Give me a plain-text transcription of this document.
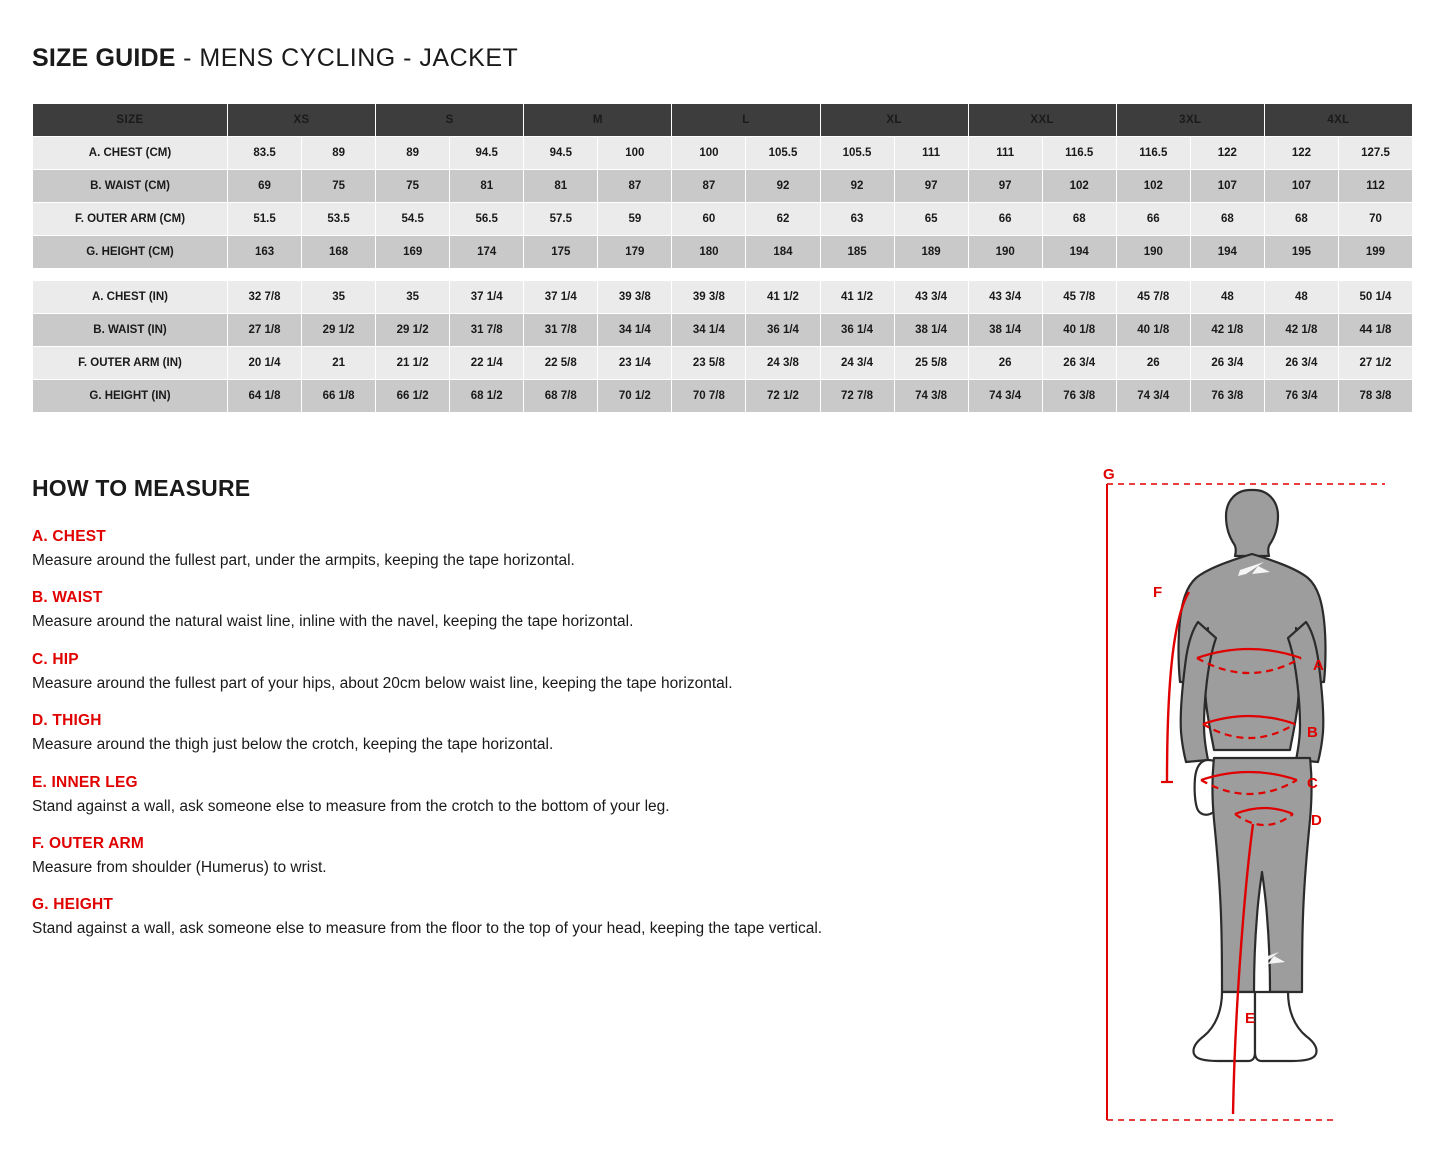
SIZE GUIDE - MENS CYCLING - JACKET
SIZE	XS		S		M		L		XL		XXL		3XL		4XL	
A. CHEST (CM)	83.5	89	89	94.5	94.5	100	100	105.5	105.5	111	111	116.5	116.5	122	122	127.5
B. WAIST (CM)	69	75	75	81	81	87	87	92	92	97	97	102	102	107	107	112
F. OUTER ARM (CM)	51.5	53.5	54.5	56.5	57.5	59	60	62	63	65	66	68	66	68	68	70
G. HEIGHT (CM)	163	168	169	174	175	179	180	184	185	189	190	194	190	194	195	199

A. CHEST (IN)	32 7/8	35	35	37 1/4	37 1/4	39 3/8	39 3/8	41 1/2	41 1/2	43 3/4	43 3/4	45 7/8	45 7/8	48	48	50 1/4
B. WAIST (IN)	27 1/8	29 1/2	29 1/2	31 7/8	31 7/8	34 1/4	34 1/4	36 1/4	36 1/4	38 1/4	38 1/4	40 1/8	40 1/8	42 1/8	42 1/8	44 1/8
F. OUTER ARM (IN)	20 1/4	21	21 1/2	22 1/4	22 5/8	23 1/4	23 5/8	24 3/8	24 3/4	25 5/8	26	26 3/4	26	26 3/4	26 3/4	27 1/2
G. HEIGHT (IN)	64 1/8	66 1/8	66 1/2	68 1/2	68 7/8	70 1/2	70 7/8	72 1/2	72 7/8	74 3/8	74 3/4	76 3/8	74 3/4	76 3/8	76 3/4	78 3/8
HOW TO MEASURE
A. CHEST
Measure around the fullest part, under the armpits, keeping the tape horizontal.
B. WAIST
Measure around the natural waist line, inline with the navel, keeping the tape horizontal.
C. HIP
Measure around the fullest part of your hips, about 20cm below waist line, keeping the tape horizontal.
D. THIGH
Measure around the thigh just below the crotch, keeping the tape horizontal.
E. INNER LEG
Stand against a wall, ask someone else to measure from the crotch to the bottom of your leg.
F. OUTER ARM
Measure from shoulder (Humerus) to wrist.
G. HEIGHT
Stand against a wall, ask someone else to measure from the floor to the top of your head, keeping the tape vertical.
G
F
A
B
C
D
E
